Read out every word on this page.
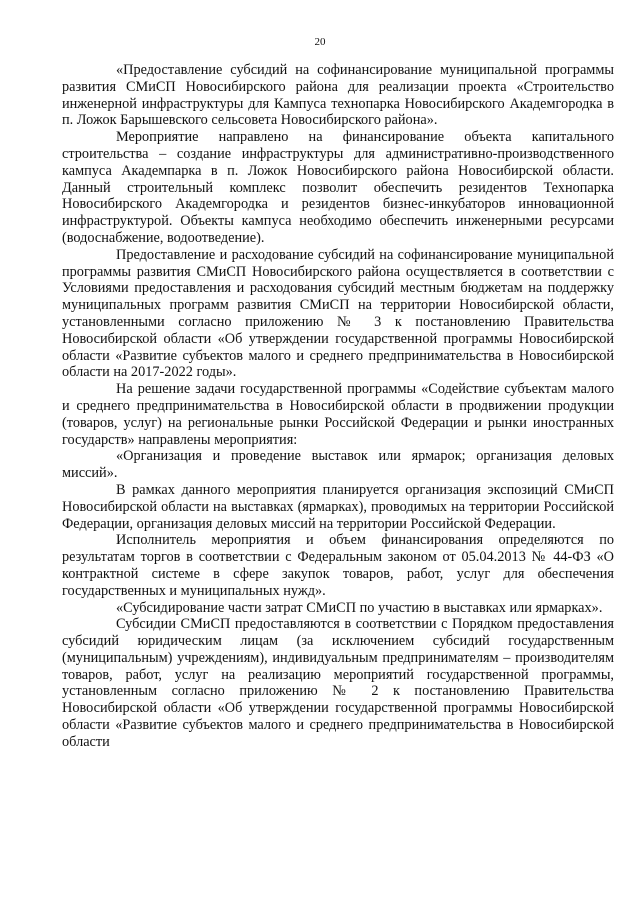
20

«Предоставление субсидий на софинансирование муниципальной программы развития СМиСП Новосибирского района для реализации проекта «Строительство инженерной инфраструктуры для Кампуса технопарка Новосибирского Академгородка в п. Ложок Барышевского сельсовета Новосибирского района».

Мероприятие направлено на финансирование объекта капитального строительства – создание инфраструктуры для административно-производственного кампуса Академпарка в п. Ложок Новосибирского района Новосибирской области. Данный строительный комплекс позволит обеспечить резидентов Технопарка Новосибирского Академгородка и резидентов бизнес-инкубаторов инновационной инфраструктурой. Объекты кампуса необходимо обеспечить инженерными ресурсами (водоснабжение, водоотведение).

Предоставление и расходование субсидий на софинансирование муниципальной программы развития СМиСП Новосибирского района осуществляется в соответствии с Условиями предоставления и расходования субсидий местным бюджетам на поддержку муниципальных программ развития СМиСП на территории Новосибирской области, установленными согласно приложению № 3 к постановлению Правительства Новосибирской области «Об утверждении государственной программы Новосибирской области «Развитие субъектов малого и среднего предпринимательства в Новосибирской области на 2017-2022 годы».

На решение задачи государственной программы «Содействие субъектам малого и среднего предпринимательства в Новосибирской области в продвижении продукции (товаров, услуг) на региональные рынки Российской Федерации и рынки иностранных государств» направлены мероприятия:

«Организация и проведение выставок или ярмарок; организация деловых миссий».

В рамках данного мероприятия планируется организация экспозиций СМиСП Новосибирской области на выставках (ярмарках), проводимых на территории Российской Федерации, организация деловых миссий на территории Российской Федерации.

Исполнитель мероприятия и объем финансирования определяются по результатам торгов в соответствии с Федеральным законом от 05.04.2013 № 44-ФЗ «О контрактной системе в сфере закупок товаров, работ, услуг для обеспечения государственных и муниципальных нужд».

«Субсидирование части затрат СМиСП по участию в выставках или ярмарках».

Субсидии СМиСП предоставляются в соответствии с Порядком предоставления субсидий юридическим лицам (за исключением субсидий государственным (муниципальным) учреждениям), индивидуальным предпринимателям – производителям товаров, работ, услуг на реализацию мероприятий государственной программы, установленным согласно приложению № 2 к постановлению Правительства Новосибирской области «Об утверждении государственной программы Новосибирской области «Развитие субъектов малого и среднего предпринимательства в Новосибирской области
